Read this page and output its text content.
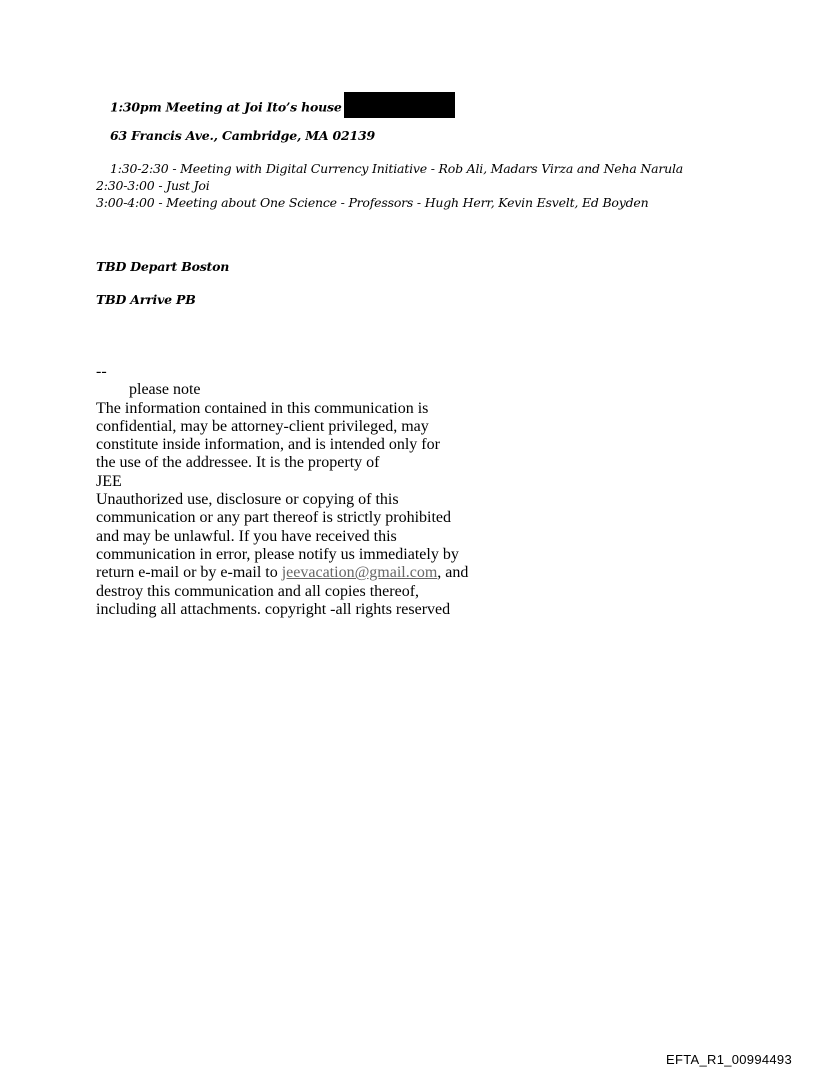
1:30pm Meeting at Joi Ito’s house
63 Francis Ave., Cambridge, MA 02139
1:30-2:30 - Meeting with Digital Currency Initiative - Rob Ali, Madars Virza and Neha Narula
2:30-3:00 - Just Joi
3:00-4:00 - Meeting about One Science - Professors - Hugh Herr, Kevin Esvelt, Ed Boyden
TBD Depart Boston
TBD Arrive PB
--
please note
The information contained in this communication is
confidential, may be attorney-client privileged, may
constitute inside information, and is intended only for
the use of the addressee. It is the property of
JEE
Unauthorized use, disclosure or copying of this
communication or any part thereof is strictly prohibited
and may be unlawful. If you have received this
communication in error, please notify us immediately by
return e-mail or by e-mail to jeevacation@gmail.com, and
destroy this communication and all copies thereof,
including all attachments. copyright -all rights reserved
EFTA_R1_00994493
